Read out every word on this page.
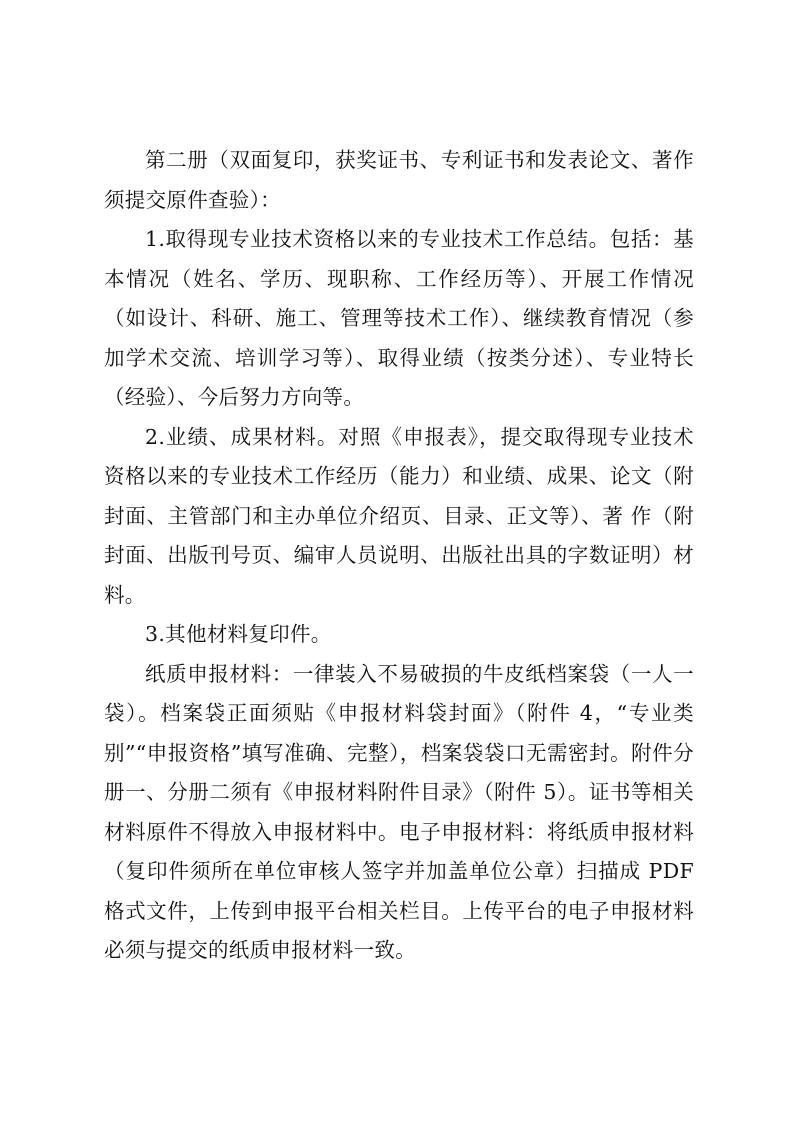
第二册（双面复印，获奖证书、专利证书和发表论文、著作须提交原件查验）：

1.取得现专业技术资格以来的专业技术工作总结。包括：基本情况（姓名、学历、现职称、工作经历等）、开展工作情况（如设计、科研、施工、管理等技术工作）、继续教育情况（参加学术交流、培训学习等）、取得业绩（按类分述）、专业特长（经验）、今后努力方向等。

2.业绩、成果材料。对照《申报表》，提交取得现专业技术资格以来的专业技术工作经历（能力）和业绩、成果、论文（附封面、主管部门和主办单位介绍页、目录、正文等）、著 作（附封面、出版刊号页、编审人员说明、出版社出具的字数证明）材料。

3.其他材料复印件。

纸质申报材料：一律装入不易破损的牛皮纸档案袋（一人一袋）。档案袋正面须贴《申报材料袋封面》（附件 4，“专业类别”“申报资格”填写准确、完整），档案袋袋口无需密封。附件分册一、分册二须有《申报材料附件目录》（附件 5）。证书等相关材料原件不得放入申报材料中。电子申报材料：将纸质申报材料（复印件须所在单位审核人签字并加盖单位公章）扫描成 PDF 格式文件，上传到申报平台相关栏目。上传平台的电子申报材料必须与提交的纸质申报材料一致。
